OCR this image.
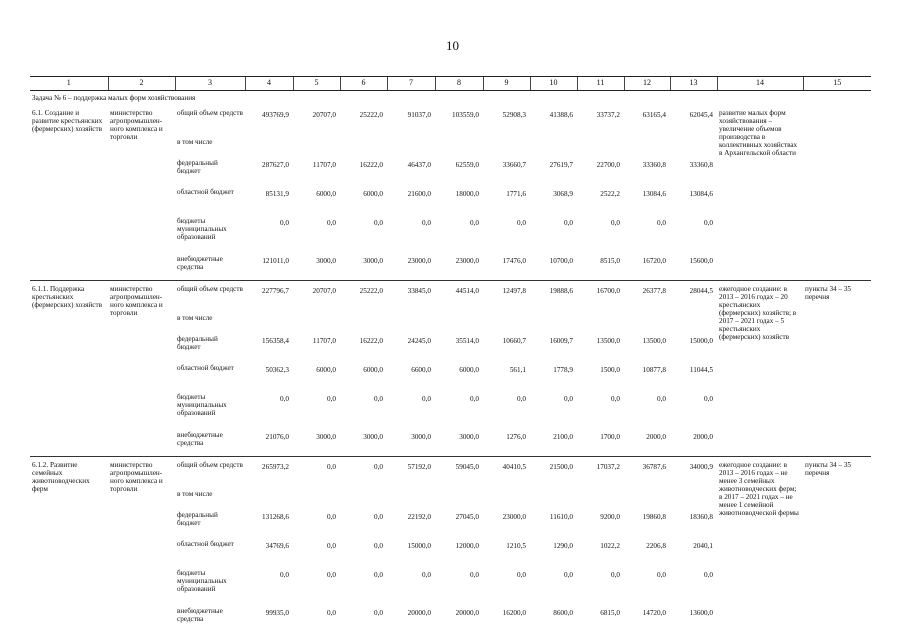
10
1	2	3	4	5	6	7	8	9	10	11	12	13	14	15
Задача № 6 – поддержка малых форм хозяйствования														
6.1. Создание и развитие крестьянских (фермерских) хозяйств	министерство агропромышлен-ного комплекса и торговли	общий объем средств	493769,9	20707,0	25222,0	91037,0	103559,0	52908,3	41388,6	33737,2	63165,4	62045,4	развитие малых форм хозяйствования – увеличение объемов производства в коллективных хозяйствах в Архангельской области	
		в том числе												
		федеральный бюджет	287627,0	11707,0	16222,0	46437,0	62559,0	33660,7	27619,7	22700,0	33360,8	33360,8		
		областной бюджет	85131,9	6000,0	6000,0	21600,0	18000,0	1771,6	3068,9	2522,2	13084,6	13084,6		
		бюджеты муниципальных образований	0,0	0,0	0,0	0,0	0,0	0,0	0,0	0,0	0,0	0,0		
		внебюджетные средства	121011,0	3000,0	3000,0	23000,0	23000,0	17476,0	10700,0	8515,0	16720,0	15600,0		

6.1.1. Поддержка крестьянских (фермерских) хозяйств	министерство агропромышлен-ного комплекса и торговли	общий объем средств	227796,7	20707,0	25222,0	33845,0	44514,0	12497,8	19888,6	16700,0	26377,8	28044,5	ежегодное создание: в 2013 – 2016 годах – 20 крестьянских (фермерских) хозяйств; в 2017 – 2021 годах – 5 крестьянских (фермерских) хозяйств	пункты 34 – 35 перечня
		в том числе												
		федеральный бюджет	156358,4	11707,0	16222,0	24245,0	35514,0	10660,7	16009,7	13500,0	13500,0	15000,0		
		областной бюджет	50362,3	6000,0	6000,0	6600,0	6000,0	561,1	1778,9	1500,0	10877,8	11044,5		
		бюджеты муниципальных образований	0,0	0,0	0,0	0,0	0,0	0,0	0,0	0,0	0,0	0,0		
		внебюджетные средства	21076,0	3000,0	3000,0	3000,0	3000,0	1276,0	2100,0	1700,0	2000,0	2000,0		

6.1.2. Развитие семейных животноводческих ферм	министерство агропромышлен-ного комплекса и торговли	общий объем средств	265973,2	0,0	0,0	57192,0	59045,0	40410,5	21500,0	17037,2	36787,6	34000,9	ежегодное создание: в 2013 – 2016 годах – не менее 3 семейных животноводческих ферм; в 2017 – 2021 годах – не менее 1 семейной животноводческой фермы	пункты 34 – 35 перечня
		в том числе												
		федеральный бюджет	131268,6	0,0	0,0	22192,0	27045,0	23000,0	11610,0	9200,0	19860,8	18360,8		
		областной бюджет	34769,6	0,0	0,0	15000,0	12000,0	1210,5	1290,0	1022,2	2206,8	2040,1		
		бюджеты муниципальных образований	0,0	0,0	0,0	0,0	0,0	0,0	0,0	0,0	0,0	0,0		
		внебюджетные средства	99935,0	0,0	0,0	20000,0	20000,0	16200,0	8600,0	6815,0	14720,0	13600,0		
